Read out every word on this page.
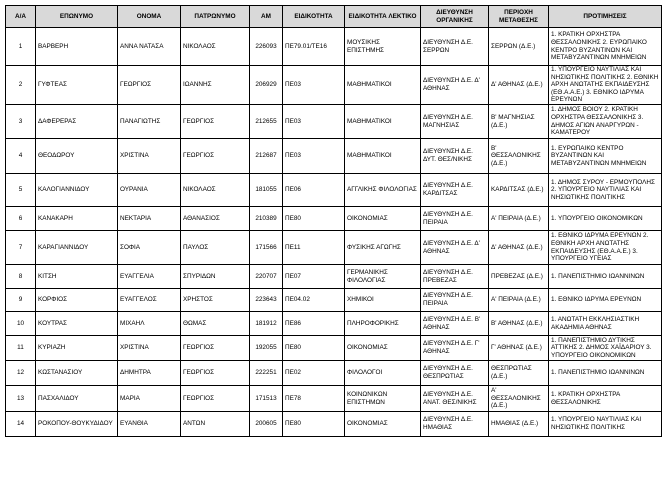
Α/Α	ΕΠΩΝΥΜΟ	ΟΝΟΜΑ	ΠΑΤΡΩΝΥΜΟ	ΑΜ	ΕΙΔΙΚΟΤΗΤΑ	ΕΙΔΙΚΟΤΗΤΑ ΛΕΚΤΙΚΟ	ΔΙΕΥΘΥΝΣΗ ΟΡΓΑΝΙΚΗΣ	ΠΕΡΙΟΧΗ ΜΕΤΑΘΕΣΗΣ	ΠΡΟΤΙΜΗΣΕΙΣ
1	ΒΑΡΒΕΡΗ	ΑΝΝΑ ΝΑΤΑΣΑ	ΝΙΚΟΛΑΟΣ	226093	ΠΕ79.01/ΤΕ16	ΜΟΥΣΙΚΗΣ ΕΠΙΣΤΗΜΗΣ	ΔΙΕΥΘΥΝΣΗ Δ.Ε. ΣΕΡΡΩΝ	ΣΕΡΡΩΝ (Δ.Ε.)	1. ΚΡΑΤΙΚΗ ΟΡΧΗΣΤΡΑ ΘΕΣΣΑΛΟΝΙΚΗΣ 2. ΕΥΡΩΠΑΙΚΟ ΚΕΝΤΡΟ ΒΥΖΑΝΤΙΝΩΝ ΚΑΙ ΜΕΤΑΒΥΖΑΝΤΙΝΩΝ ΜΝΗΜΕΙΩΝ
2	ΓΥΦΤΕΑΣ	ΓΕΩΡΓΙΟΣ	ΙΩΑΝΝΗΣ	206929	ΠΕ03	ΜΑΘΗΜΑΤΙΚΟΙ	ΔΙΕΥΘΥΝΣΗ Δ.Ε. Δ' ΑΘΗΝΑΣ	Δ' ΑΘΗΝΑΣ (Δ.Ε.)	1. ΥΠΟΥΡΓΕΙΟ ΝΑΥΤΙΛΙΑΣ ΚΑΙ ΝΗΣΙΩΤΙΚΗΣ ΠΟΛΙΤΙΚΗΣ 2. ΕΘΝΙΚΗ ΑΡΧΗ ΑΝΩΤΑΤΗΣ ΕΚΠΑΙΔΕΥΣΗΣ (ΕΘ.Α.Α.Ε.) 3. ΕΘΝΙΚΟ ΙΔΡΥΜΑ ΕΡΕΥΝΩΝ
3	ΔΑΦΕΡΕΡΑΣ	ΠΑΝΑΓΙΩΤΗΣ	ΓΕΩΡΓΙΟΣ	212655	ΠΕ03	ΜΑΘΗΜΑΤΙΚΟΙ	ΔΙΕΥΘΥΝΣΗ Δ.Ε. ΜΑΓΝΗΣΙΑΣ	Β' ΜΑΓΝΗΣΙΑΣ (Δ.Ε.)	1. ΔΗΜΟΣ ΒΟΙΟΥ 2. ΚΡΑΤΙΚΗ ΟΡΧΗΣΤΡΑ ΘΕΣΣΑΛΟΝΙΚΗΣ 3. ΔΗΜΟΣ ΑΓΙΩΝ ΑΝΑΡΓΥΡΩΝ - ΚΑΜΑΤΕΡΟΥ
4	ΘΕΟΔΩΡΟΥ	ΧΡΙΣΤΙΝΑ	ΓΕΩΡΓΙΟΣ	212687	ΠΕ03	ΜΑΘΗΜΑΤΙΚΟΙ	ΔΙΕΥΘΥΝΣΗ Δ.Ε. ΔΥΤ. ΘΕΣ/ΝΙΚΗΣ	Β' ΘΕΣΣΑΛΟΝΙΚΗΣ (Δ.Ε.)	1. ΕΥΡΩΠΑΙΚΟ ΚΕΝΤΡΟ ΒΥΖΑΝΤΙΝΩΝ ΚΑΙ ΜΕΤΑΒΥΖΑΝΤΙΝΩΝ ΜΝΗΜΕΙΩΝ
5	ΚΑΛΟΓΙΑΝΝΙΔΟΥ	ΟΥΡΑΝΙΑ	ΝΙΚΟΛΑΟΣ	181055	ΠΕ06	ΑΓΓΛΙΚΗΣ ΦΙΛΟΛΟΓΙΑΣ	ΔΙΕΥΘΥΝΣΗ Δ.Ε. ΚΑΡΔΙΤΣΑΣ	ΚΑΡΔΙΤΣΑΣ (Δ.Ε.)	1. ΔΗΜΟΣ ΣΥΡΟΥ - ΕΡΜΟΥΠΟΛΗΣ 2. ΥΠΟΥΡΓΕΙΟ ΝΑΥΤΙΛΙΑΣ ΚΑΙ ΝΗΣΙΩΤΙΚΗΣ ΠΟΛΙΤΙΚΗΣ
6	ΚΑΝΑΚΑΡΗ	ΝΕΚΤΑΡΙΑ	ΑΘΑΝΑΣΙΟΣ	210389	ΠΕ80	ΟΙΚΟΝΟΜΙΑΣ	ΔΙΕΥΘΥΝΣΗ Δ.Ε. ΠΕΙΡΑΙΑ	Α' ΠΕΙΡΑΙΑ (Δ.Ε.)	1. ΥΠΟΥΡΓΕΙΟ ΟΙΚΟΝΟΜΙΚΩΝ
7	ΚΑΡΑΓΙΑΝΝΙΔΟΥ	ΣΟΦΙΑ	ΠΑΥΛΟΣ	171566	ΠΕ11	ΦΥΣΙΚΗΣ ΑΓΩΓΗΣ	ΔΙΕΥΘΥΝΣΗ Δ.Ε. Δ' ΑΘΗΝΑΣ	Δ' ΑΘΗΝΑΣ (Δ.Ε.)	1. ΕΘΝΙΚΟ ΙΔΡΥΜΑ ΕΡΕΥΝΩΝ 2. ΕΘΝΙΚΗ ΑΡΧΗ ΑΝΩΤΑΤΗΣ ΕΚΠΑΙΔΕΥΣΗΣ (ΕΘ.Α.Α.Ε.) 3. ΥΠΟΥΡΓΕΙΟ ΥΓΕΙΑΣ
8	ΚΙΤΣΗ	ΕΥΑΓΓΕΛΙΑ	ΣΠΥΡΙΔΩΝ	220707	ΠΕ07	ΓΕΡΜΑΝΙΚΗΣ ΦΙΛΟΛΟΓΙΑΣ	ΔΙΕΥΘΥΝΣΗ Δ.Ε. ΠΡΕΒΕΖΑΣ	ΠΡΕΒΕΖΑΣ (Δ.Ε.)	1. ΠΑΝΕΠΙΣΤΗΜΙΟ ΙΩΑΝΝΙΝΩΝ
9	ΚΟΡΦΙΟΣ	ΕΥΑΓΓΕΛΟΣ	ΧΡΗΣΤΟΣ	223643	ΠΕ04.02	ΧΗΜΙΚΟΙ	ΔΙΕΥΘΥΝΣΗ Δ.Ε. ΠΕΙΡΑΙΑ	Α' ΠΕΙΡΑΙΑ (Δ.Ε.)	1. ΕΘΝΙΚΟ ΙΔΡΥΜΑ ΕΡΕΥΝΩΝ
10	ΚΟΥΤΡΑΣ	ΜΙΧΑΗΛ	ΘΩΜΑΣ	181912	ΠΕ86	ΠΛΗΡΟΦΟΡΙΚΗΣ	ΔΙΕΥΘΥΝΣΗ Δ.Ε. Β' ΑΘΗΝΑΣ	Β' ΑΘΗΝΑΣ (Δ.Ε.)	1. ΑΝΩΤΑΤΗ ΕΚΚΛΗΣΙΑΣΤΙΚΗ ΑΚΑΔΗΜΙΑ ΑΘΗΝΑΣ
11	ΚΥΡΙΑΖΗ	ΧΡΙΣΤΙΝΑ	ΓΕΩΡΓΙΟΣ	192055	ΠΕ80	ΟΙΚΟΝΟΜΙΑΣ	ΔΙΕΥΘΥΝΣΗ Δ.Ε. Γ' ΑΘΗΝΑΣ	Γ' ΑΘΗΝΑΣ (Δ.Ε.)	1. ΠΑΝΕΠΙΣΤΗΜΙΟ ΔΥΤΙΚΗΣ ΑΤΤΙΚΗΣ 2. ΔΗΜΟΣ ΧΑΪΔΑΡΙΟΥ 3. ΥΠΟΥΡΓΕΙΟ ΟΙΚΟΝΟΜΙΚΩΝ
12	ΚΩΣΤΑΝΑΣΙΟΥ	ΔΗΜΗΤΡΑ	ΓΕΩΡΓΙΟΣ	222251	ΠΕ02	ΦΙΛΟΛΟΓΟΙ	ΔΙΕΥΘΥΝΣΗ Δ.Ε. ΘΕΣΠΡΩΤΙΑΣ	ΘΕΣΠΡΩΤΙΑΣ (Δ.Ε.)	1. ΠΑΝΕΠΙΣΤΗΜΙΟ ΙΩΑΝΝΙΝΩΝ
13	ΠΑΣΧΑΛΙΔΟΥ	ΜΑΡΙΑ	ΓΕΩΡΓΙΟΣ	171513	ΠΕ78	ΚΟΙΝΩΝΙΚΩΝ ΕΠΙΣΤΗΜΩΝ	ΔΙΕΥΘΥΝΣΗ Δ.Ε. ΑΝΑΤ. ΘΕΣ/ΝΙΚΗΣ	Α' ΘΕΣΣΑΛΟΝΙΚΗΣ (Δ.Ε.)	1. ΚΡΑΤΙΚΗ ΟΡΧΗΣΤΡΑ ΘΕΣΣΑΛΟΝΙΚΗΣ
14	ΡΟΚΟΠΟΥ-ΘΟΥΚΥΔΙΔΟΥ	ΕΥΑΝΘΙΑ	ΑΝΤΩΝ	200605	ΠΕ80	ΟΙΚΟΝΟΜΙΑΣ	ΔΙΕΥΘΥΝΣΗ Δ.Ε. ΗΜΑΘΙΑΣ	ΗΜΑΘΙΑΣ (Δ.Ε.)	1. ΥΠΟΥΡΓΕΙΟ ΝΑΥΤΙΛΙΑΣ ΚΑΙ ΝΗΣΙΩΤΙΚΗΣ ΠΟΛΙΤΙΚΗΣ
